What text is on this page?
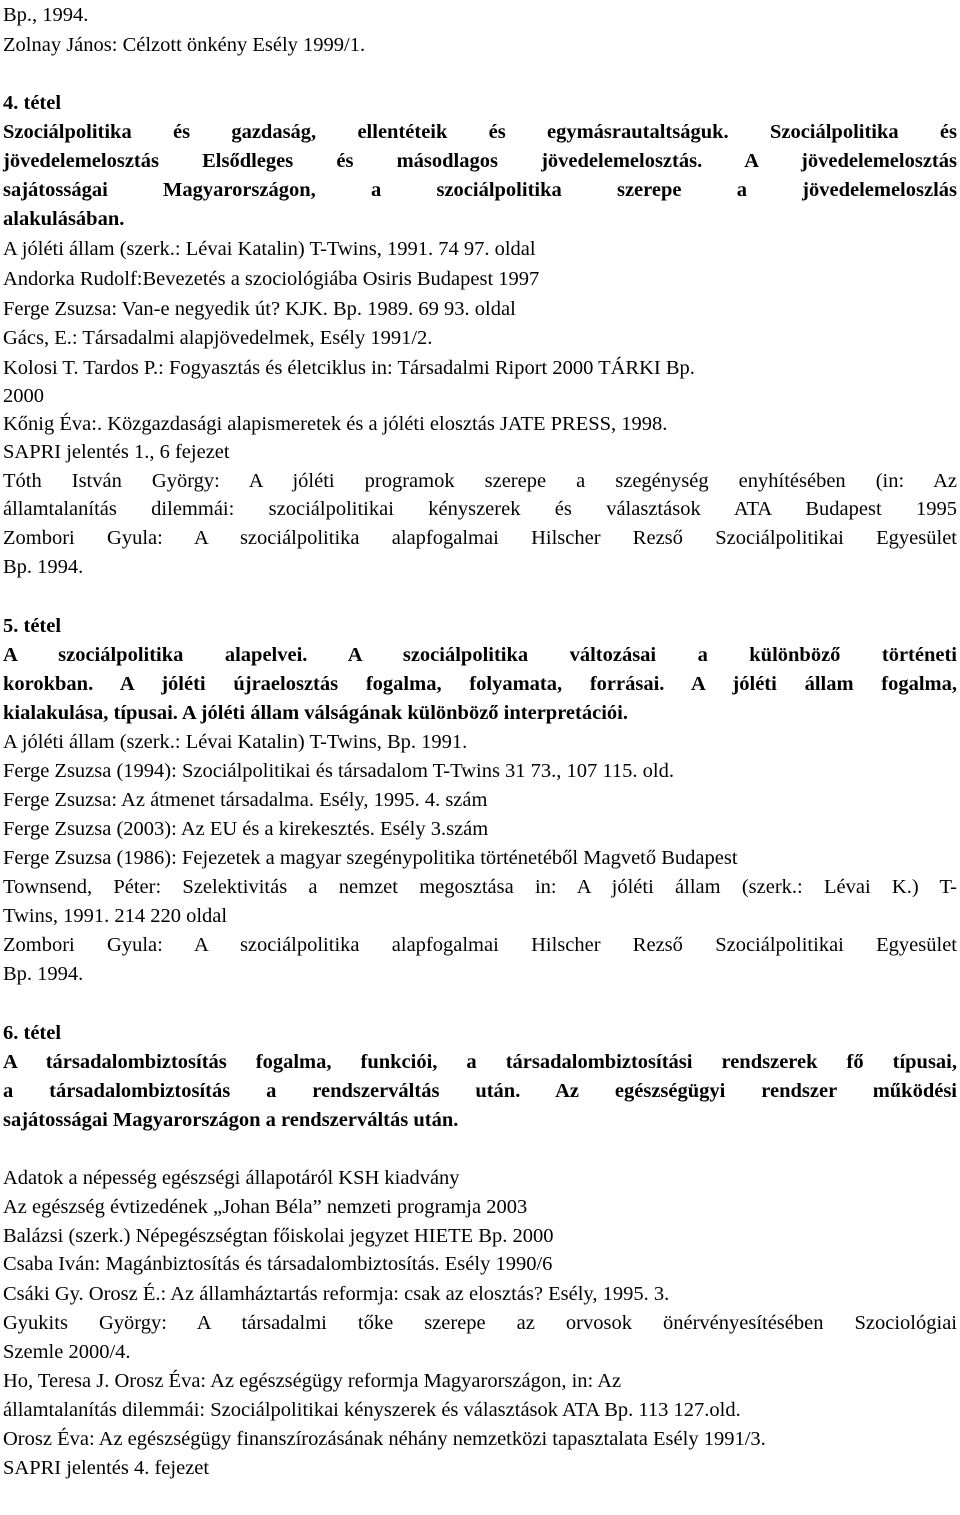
Bp., 1994.
Zolnay János: Célzott önkény Esély 1999/1.
4. tétel
Szociálpolitika és gazdaság, ellentéteik és egymásrautaltságuk. Szociálpolitika és
jövedelemelosztás Elsődleges és másodlagos jövedelemelosztás. A jövedelemelosztás
sajátosságai Magyarországon, a szociálpolitika szerepe a jövedelemeloszlás
alakulásában.
A jóléti állam (szerk.: Lévai Katalin) T-Twins, 1991. 74 97. oldal
Andorka Rudolf:Bevezetés a szociológiába Osiris Budapest 1997
Ferge Zsuzsa: Van-e negyedik út? KJK. Bp. 1989. 69 93. oldal
Gács, E.: Társadalmi alapjövedelmek, Esély 1991/2.
Kolosi T. Tardos P.: Fogyasztás és életciklus in: Társadalmi Riport 2000 TÁRKI Bp.
2000
Kőnig Éva:. Közgazdasági alapismeretek és a jóléti elosztás JATE PRESS, 1998.
SAPRI jelentés 1., 6 fejezet
Tóth István György: A jóléti programok szerepe a szegénység enyhítésében (in: Az
államtalanítás dilemmái: szociálpolitikai kényszerek és választások ATA Budapest 1995
Zombori Gyula: A szociálpolitika alapfogalmai Hilscher Rezső Szociálpolitikai Egyesület
Bp. 1994.
5. tétel
A szociálpolitika alapelvei. A szociálpolitika változásai a különböző történeti
korokban. A jóléti újraelosztás fogalma, folyamata, forrásai. A jóléti állam fogalma,
kialakulása, típusai. A jóléti állam válságának különböző interpretációi.
A jóléti állam (szerk.: Lévai Katalin) T-Twins, Bp. 1991.
Ferge Zsuzsa (1994): Szociálpolitikai és társadalom T-Twins 31 73., 107 115. old.
Ferge Zsuzsa: Az átmenet társadalma. Esély, 1995. 4. szám
Ferge Zsuzsa (2003): Az EU és a kirekesztés. Esély 3.szám
Ferge Zsuzsa (1986): Fejezetek a magyar szegénypolitika történetéből Magvető Budapest
Townsend, Péter: Szelektivitás a nemzet megosztása in: A jóléti állam (szerk.: Lévai K.) T-
Twins, 1991. 214 220 oldal
Zombori Gyula: A szociálpolitika alapfogalmai Hilscher Rezső Szociálpolitikai Egyesület
Bp. 1994.
6. tétel
A társadalombiztosítás fogalma, funkciói, a társadalombiztosítási rendszerek fő típusai,
a társadalombiztosítás a rendszerváltás után. Az egészségügyi rendszer működési
sajátosságai Magyarországon a rendszerváltás után.
Adatok a népesség egészségi állapotáról KSH kiadvány
Az egészség évtizedének „Johan Béla” nemzeti programja 2003
Balázsi (szerk.) Népegészségtan főiskolai jegyzet HIETE Bp. 2000
Csaba Iván: Magánbiztosítás és társadalombiztosítás. Esély 1990/6
Csáki Gy. Orosz É.: Az államháztartás reformja: csak az elosztás? Esély, 1995. 3.
Gyukits György: A társadalmi tőke szerepe az orvosok önérvényesítésében Szociológiai
Szemle 2000/4.
Ho, Teresa J. Orosz Éva: Az egészségügy reformja Magyarországon, in: Az
államtalanítás dilemmái: Szociálpolitikai kényszerek és választások ATA Bp. 113 127.old.
Orosz Éva: Az egészségügy finanszírozásának néhány nemzetközi tapasztalata Esély 1991/3.
SAPRI jelentés 4. fejezet
